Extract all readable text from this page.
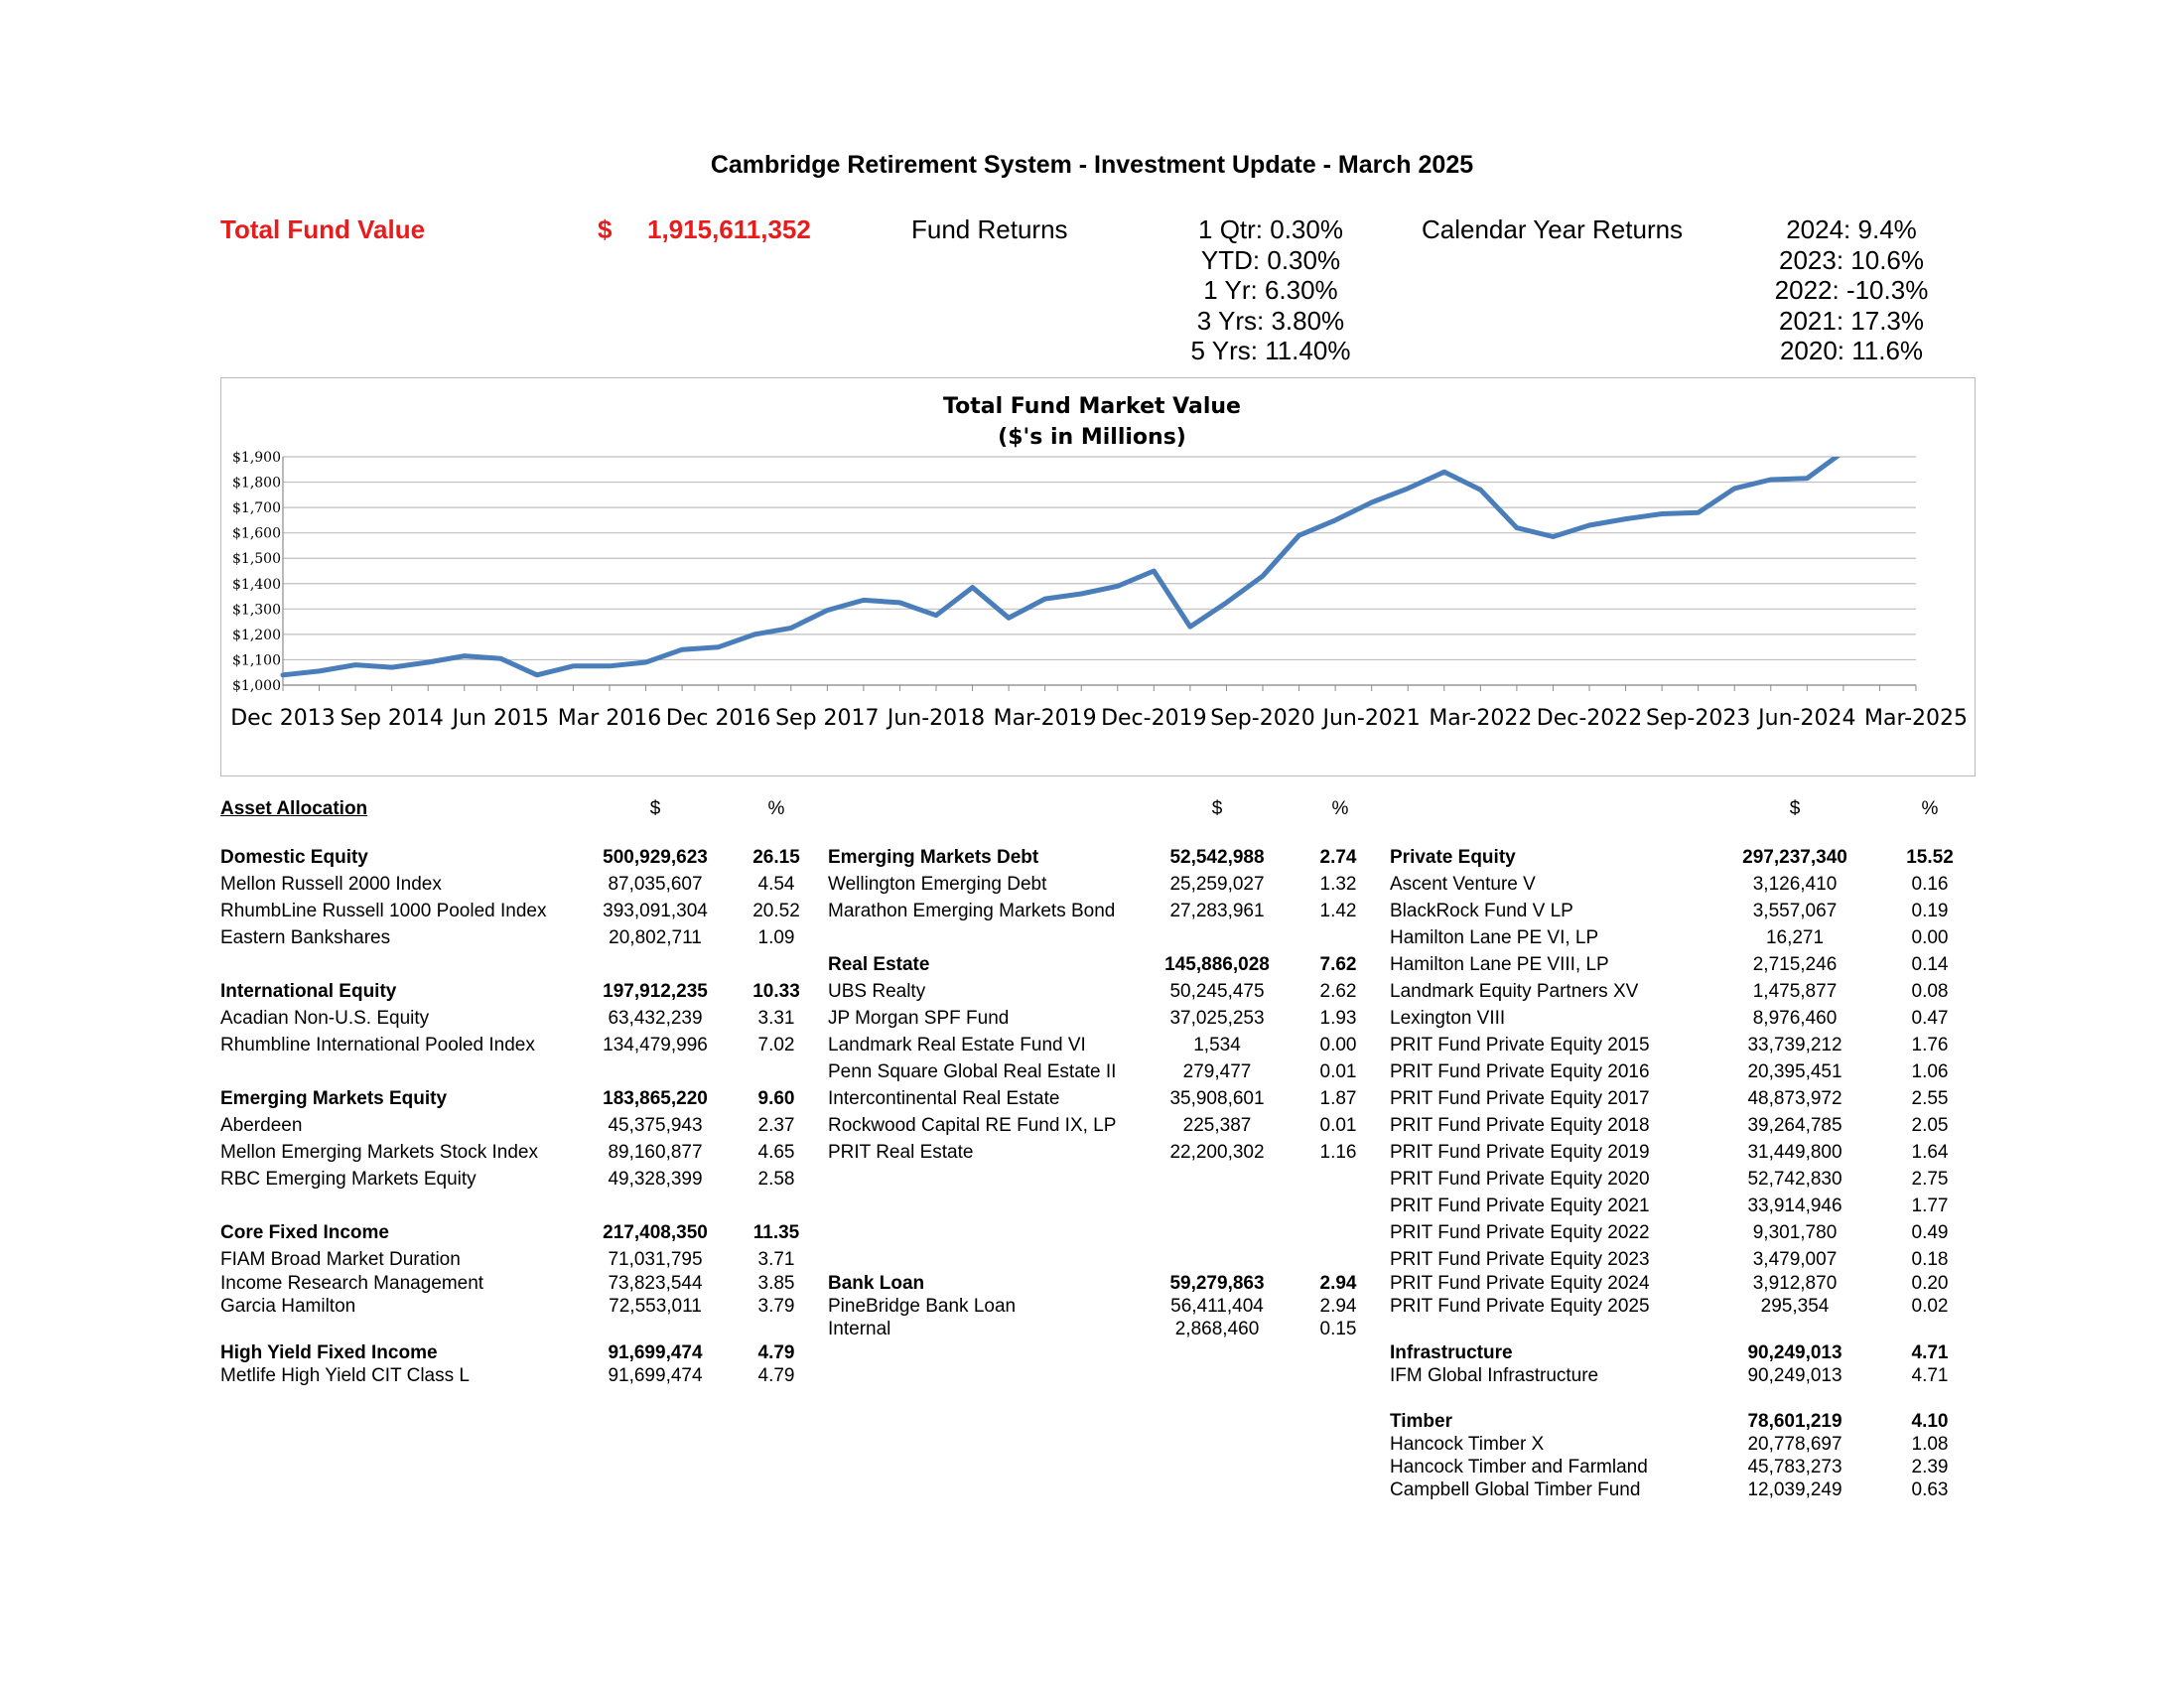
Cambridge Retirement System - Investment Update - March 2025
Total Fund Value	$ 1,915,611,352	Fund Returns	1 Qtr: 0.30%
YTD: 0.30%
1 Yr: 6.30%
3 Yrs: 3.80%
5 Yrs: 11.40%
Calendar Year Returns	2024: 9.4%
2023: 10.6%
2022: -10.3%
2021: 17.3%
2020: 11.6%
Total Fund Market Value
($'s in Millions)
$1,000
$1,100
$1,200
$1,300
$1,400
$1,500
$1,600
$1,700
$1,800
$1,900
Dec 2013 Sep 2014 Jun 2015 Mar 2016 Dec 2016 Sep 2017 Jun-2018 Mar-2019 Dec-2019 Sep-2020 Jun-2021 Mar-2022 Dec-2022 Sep-2023 Jun-2024 Mar-2025
Asset Allocation	$	%	$	%	$	%
Domestic Equity	500,929,623 26.15
Mellon Russell 2000 Index	87,035,607	4.54
RhumbLine Russell 1000 Pooled Index	393,091,304 20.52
Eastern Bankshares	20,802,711	1.09
International Equity	197,912,235 10.33
Acadian Non-U.S. Equity	63,432,239	3.31
Rhumbline International Pooled Index	134,479,996	7.02
Emerging Markets Equity	183,865,220	9.60
Aberdeen	45,375,943	2.37
Mellon Emerging Markets Stock Index	89,160,877	4.65
RBC Emerging Markets Equity	49,328,399	2.58
Core Fixed Income	217,408,350 11.35
FIAM Broad Market Duration	71,031,795	3.71
Income Research Management	73,823,544	3.85
Garcia Hamilton	72,553,011	3.79
High Yield Fixed Income	91,699,474	4.79
Metlife High Yield CIT Class L	91,699,474	4.79
Emerging Markets Debt	52,542,988	2.74
Wellington Emerging Debt	25,259,027	1.32
Marathon Emerging Markets Bond	27,283,961	1.42
Real Estate	145,886,028	7.62
UBS Realty	50,245,475	2.62
JP Morgan SPF Fund	37,025,253	1.93
Landmark Real Estate Fund VI	1,534	0.00
Penn Square Global Real Estate II	279,477	0.01
Intercontinental Real Estate	35,908,601	1.87
Rockwood Capital RE Fund IX, LP	225,387	0.01
PRIT Real Estate	22,200,302	1.16
Bank Loan	59,279,863	2.94
PineBridge Bank Loan	56,411,404	2.94
Internal	2,868,460	0.15
Private Equity	297,237,340	15.52
Ascent Venture V	3,126,410	0.16
BlackRock Fund V LP	3,557,067	0.19
Hamilton Lane PE VI, LP	16,271	0.00
Hamilton Lane PE VIII, LP	2,715,246	0.14
Landmark Equity Partners XV	1,475,877	0.08
Lexington VIII	8,976,460	0.47
PRIT Fund Private Equity 2015	33,739,212	1.76
PRIT Fund Private Equity 2016	20,395,451	1.06
PRIT Fund Private Equity 2017	48,873,972	2.55
PRIT Fund Private Equity 2018	39,264,785	2.05
PRIT Fund Private Equity 2019	31,449,800	1.64
PRIT Fund Private Equity 2020	52,742,830	2.75
PRIT Fund Private Equity 2021	33,914,946	1.77
PRIT Fund Private Equity 2022	9,301,780	0.49
PRIT Fund Private Equity 2023	3,479,007	0.18
PRIT Fund Private Equity 2024	3,912,870	0.20
PRIT Fund Private Equity 2025	295,354	0.02
Infrastructure	90,249,013	4.71
IFM Global Infrastructure	90,249,013	4.71
Timber	78,601,219	4.10
Hancock Timber X	20,778,697	1.08
Hancock Timber and Farmland	45,783,273	2.39
Campbell Global Timber Fund	12,039,249	0.63
